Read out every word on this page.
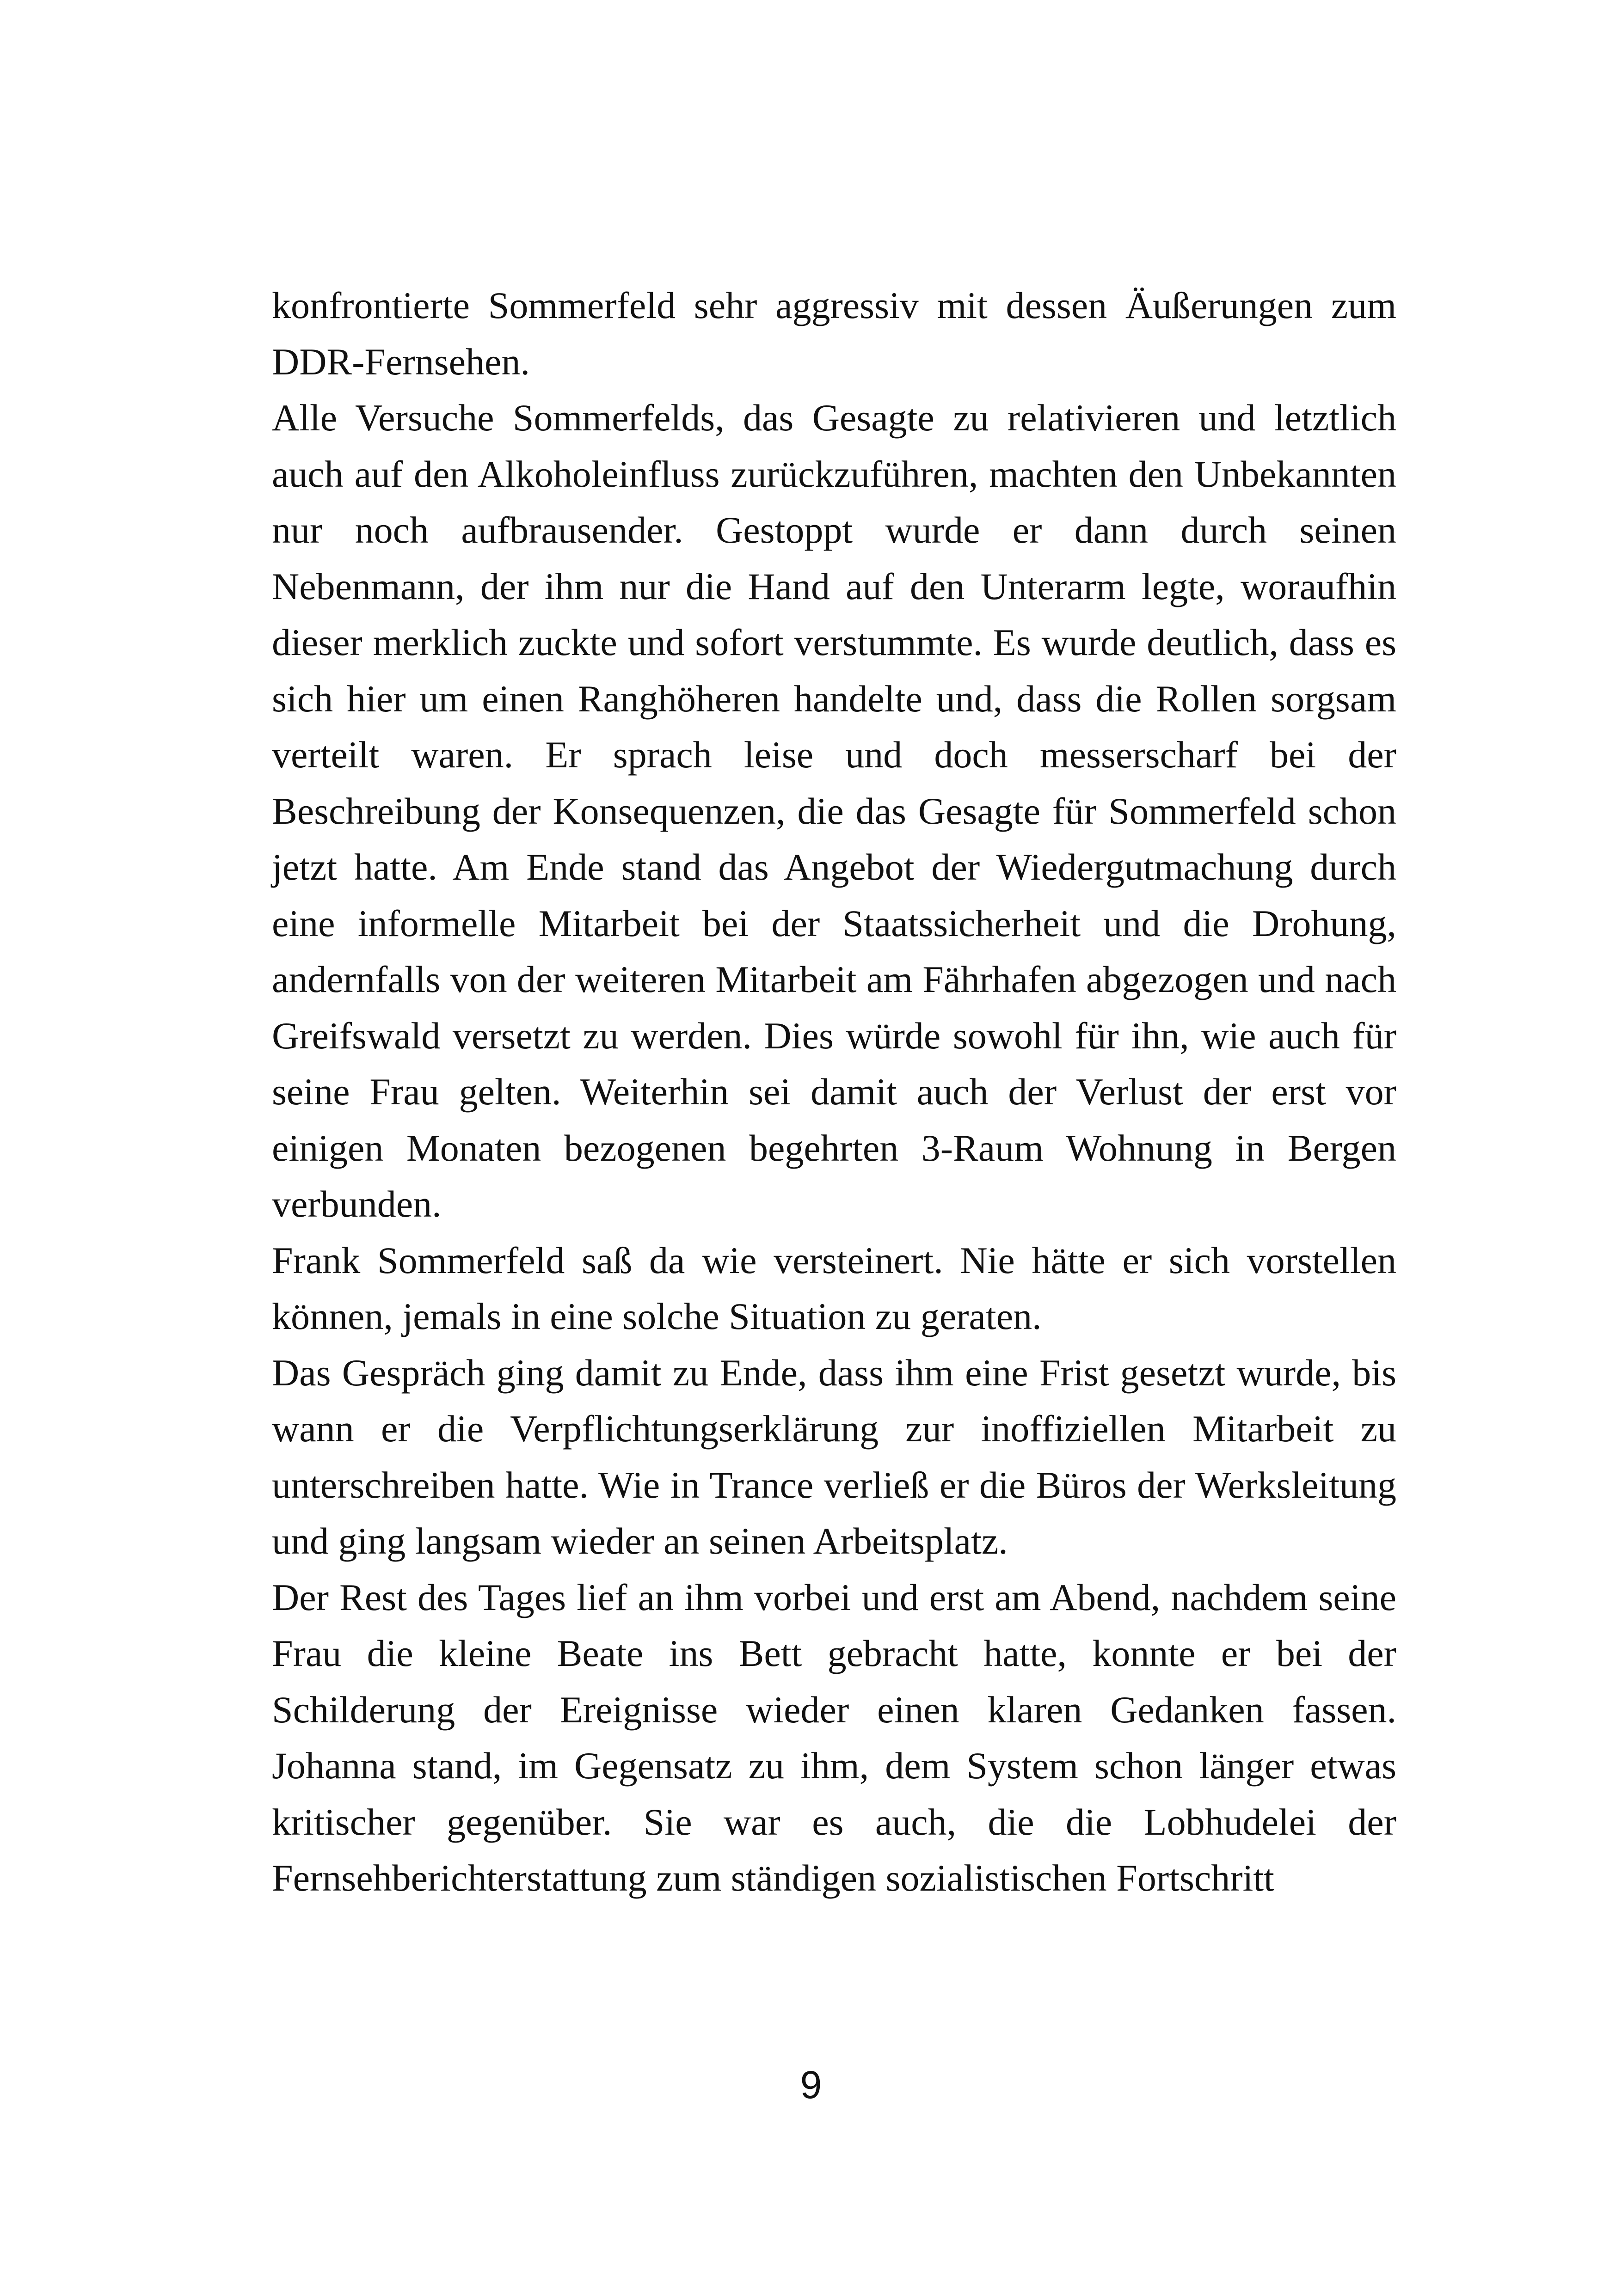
konfrontierte Sommerfeld sehr aggressiv mit dessen Äußerungen zum DDR-Fernsehen.

Alle Versuche Sommerfelds, das Gesagte zu relativieren und letztlich auch auf den Alkoholeinfluss zurückzuführen, machten den Unbekannten nur noch aufbrausender. Gestoppt wurde er dann durch seinen Nebenmann, der ihm nur die Hand auf den Unterarm legte, woraufhin dieser merklich zuckte und sofort verstummte. Es wurde deutlich, dass es sich hier um einen Ranghöheren handelte und, dass die Rollen sorgsam verteilt waren. Er sprach leise und doch messerscharf bei der Beschreibung der Konsequenzen, die das Gesagte für Sommerfeld schon jetzt hatte. Am Ende stand das Angebot der Wiedergutmachung durch eine informelle Mitarbeit bei der Staatssicherheit und die Drohung, andernfalls von der weiteren Mitarbeit am Fährhafen abgezogen und nach Greifswald versetzt zu werden. Dies würde sowohl für ihn, wie auch für seine Frau gelten. Weiterhin sei damit auch der Verlust der erst vor einigen Monaten bezogenen begehrten 3-Raum Wohnung in Bergen verbunden.

Frank Sommerfeld saß da wie versteinert. Nie hätte er sich vorstellen können, jemals in eine solche Situation zu geraten.

Das Gespräch ging damit zu Ende, dass ihm eine Frist gesetzt wurde, bis wann er die Verpflichtungserklärung zur inoffiziellen Mitarbeit zu unterschreiben hatte. Wie in Trance verließ er die Büros der Werksleitung und ging langsam wieder an seinen Arbeitsplatz.

Der Rest des Tages lief an ihm vorbei und erst am Abend, nachdem seine Frau die kleine Beate ins Bett gebracht hatte, konnte er bei der Schilderung der Ereignisse wieder einen klaren Gedanken fassen. Johanna stand, im Gegensatz zu ihm, dem System schon länger etwas kritischer gegenüber. Sie war es auch, die die Lobhudelei der Fernsehberichterstattung zum ständigen sozialistischen Fortschritt

9
